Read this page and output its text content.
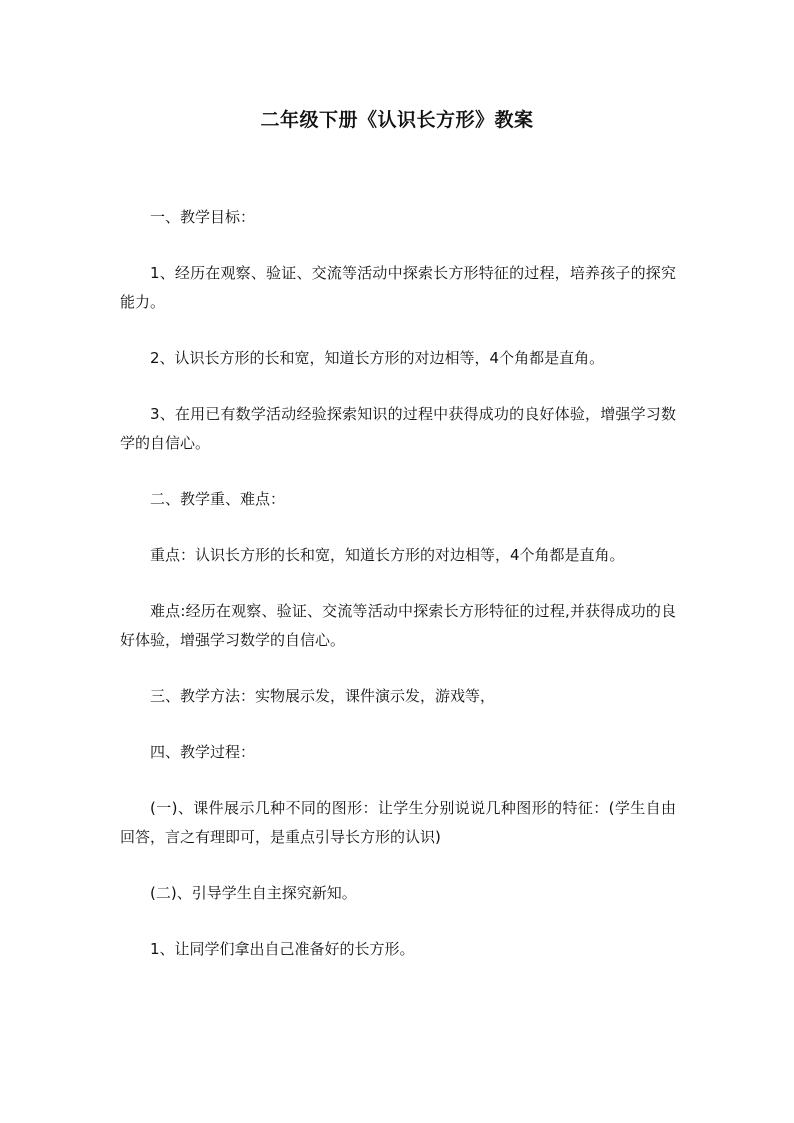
二年级下册《认识长方形》教案

一、教学目标：

1、经历在观察、验证、交流等活动中探索长方形特征的过程，培养孩子的探究能力。

2、认识长方形的长和宽，知道长方形的对边相等，4个角都是直角。

3、在用已有数学活动经验探索知识的过程中获得成功的良好体验，增强学习数学的自信心。

二、教学重、难点：

重点：认识长方形的长和宽，知道长方形的对边相等，4个角都是直角。

难点:经历在观察、验证、交流等活动中探索长方形特征的过程,并获得成功的良好体验，增强学习数学的自信心。

三、教学方法：实物展示发，课件演示发，游戏等，

四、教学过程：

(一)、课件展示几种不同的图形：让学生分别说说几种图形的特征：(学生自由回答，言之有理即可，是重点引导长方形的认识)

(二)、引导学生自主探究新知。

1、让同学们拿出自己准备好的长方形。
